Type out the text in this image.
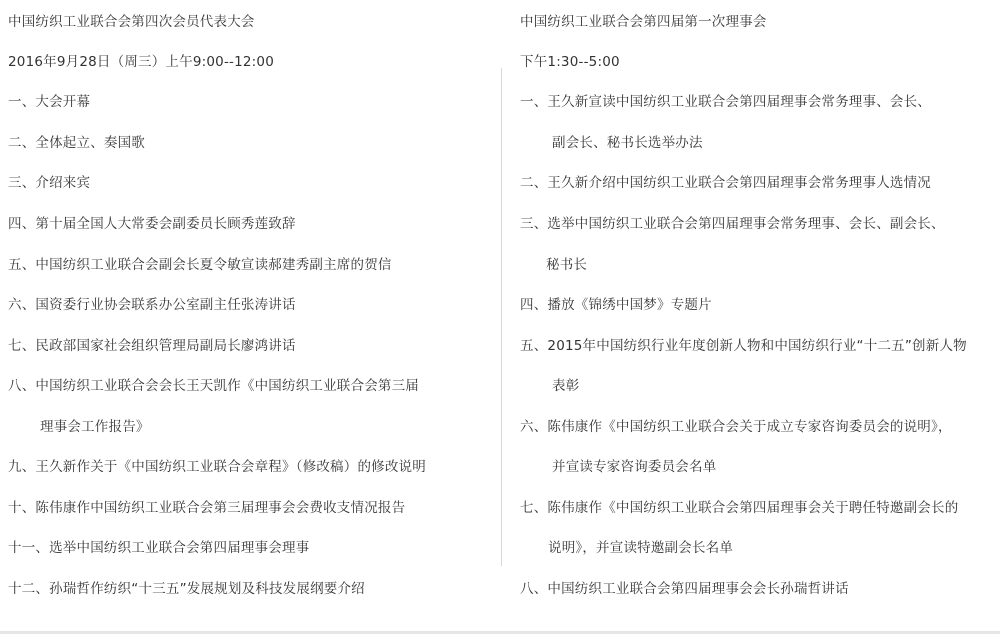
中国纺织工业联合会第四次会员代表大会
2016年9月28日（周三）上午9:00--12:00
一、大会开幕
二、全体起立、奏国歌
三、介绍来宾
四、第十届全国人大常委会副委员长顾秀莲致辞
五、中国纺织工业联合会副会长夏令敏宣读郝建秀副主席的贺信
六、国资委行业协会联系办公室副主任张涛讲话
七、民政部国家社会组织管理局副局长廖鸿讲话
八、中国纺织工业联合会会长王天凯作《中国纺织工业联合会第三届
理事会工作报告》
九、王久新作关于《中国纺织工业联合会章程》（修改稿）的修改说明
十、陈伟康作中国纺织工业联合会第三届理事会会费收支情况报告
十一、选举中国纺织工业联合会第四届理事会理事
十二、孙瑞哲作纺织“十三五”发展规划及科技发展纲要介绍
中国纺织工业联合会第四届第一次理事会
下午1:30--5:00
一、王久新宣读中国纺织工业联合会第四届理事会常务理事、会长、
副会长、秘书长选举办法
二、王久新介绍中国纺织工业联合会第四届理事会常务理事人选情况
三、选举中国纺织工业联合会第四届理事会常务理事、会长、副会长、
秘书长
四、播放《锦绣中国梦》专题片
五、2015年中国纺织行业年度创新人物和中国纺织行业“十二五”创新人物
表彰
六、陈伟康作《中国纺织工业联合会关于成立专家咨询委员会的说明》，
并宣读专家咨询委员会名单
七、陈伟康作《中国纺织工业联合会第四届理事会关于聘任特邀副会长的
说明》，并宣读特邀副会长名单
八、中国纺织工业联合会第四届理事会会长孙瑞哲讲话
